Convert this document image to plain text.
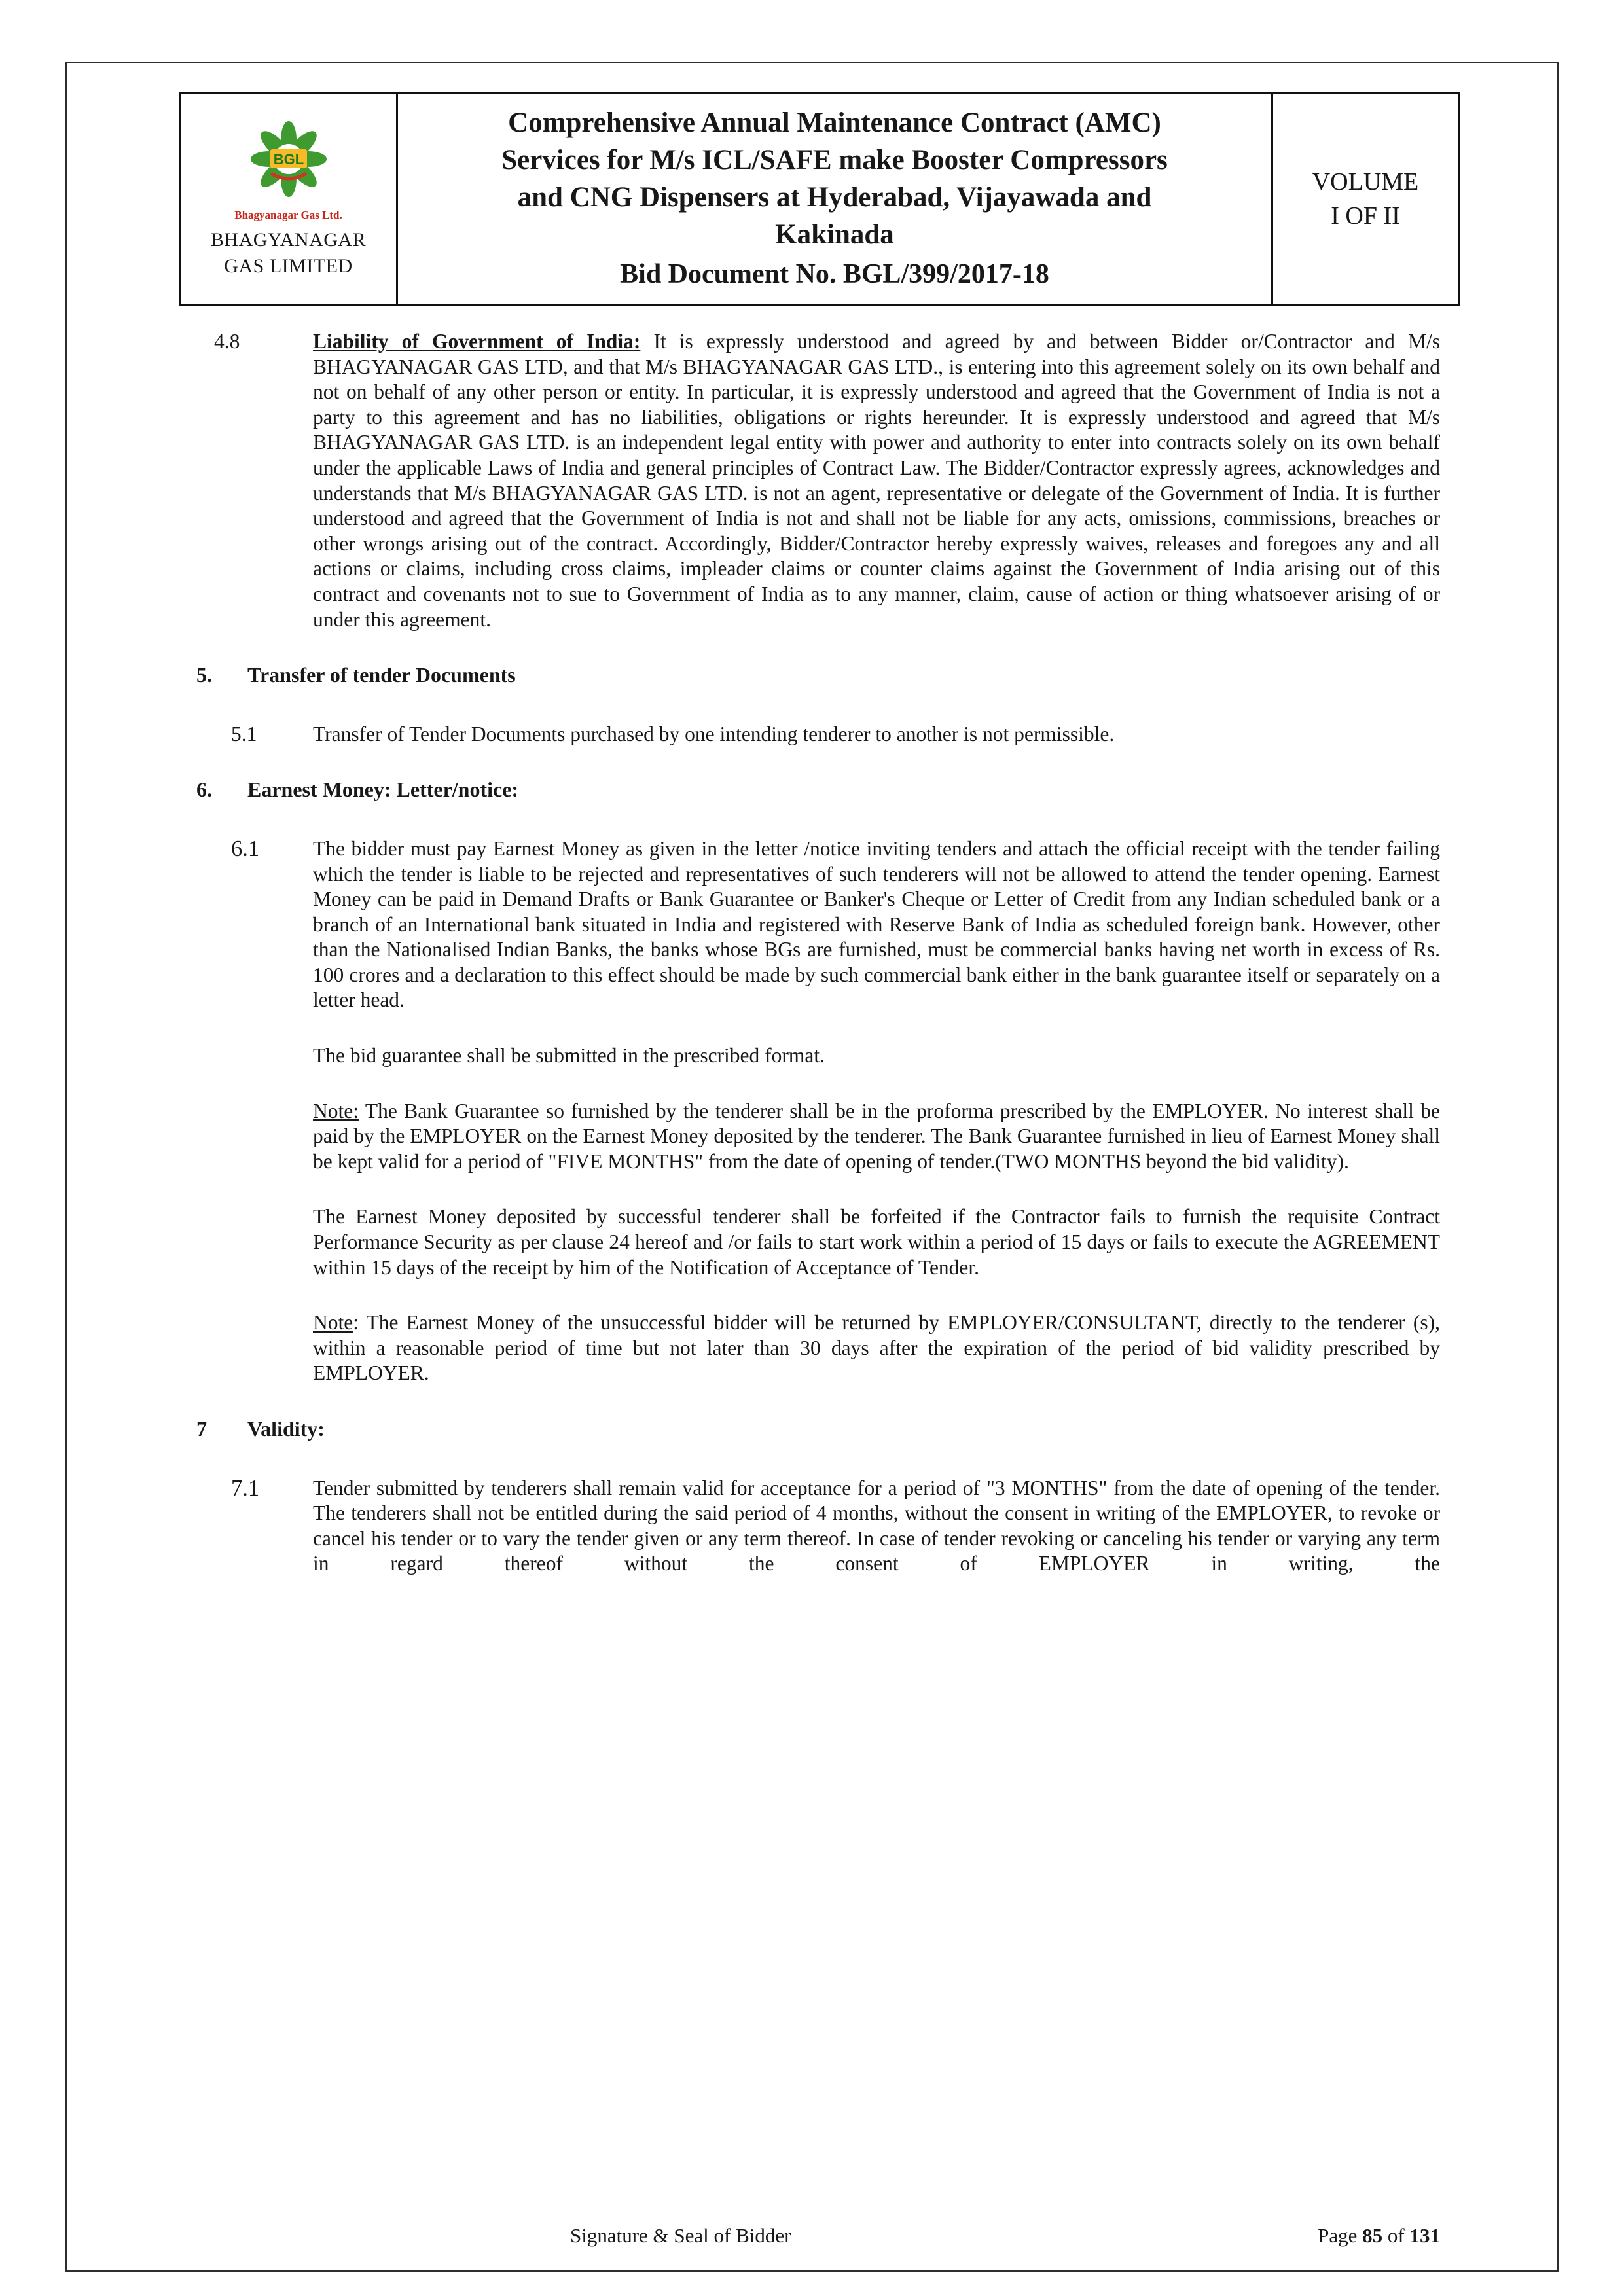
BGL
Bhagyanagar Gas Ltd.
BHAGYANAGAR
GAS LIMITED
Comprehensive Annual Maintenance Contract (AMC)
Services for M/s ICL/SAFE make Booster Compressors
and CNG Dispensers at Hyderabad, Vijayawada and
Kakinada
Bid Document No. BGL/399/2017-18
VOLUME
I OF II
4.8	Liability of Government of India: It is expressly understood and agreed by and between Bidder or/Contractor and M/s BHAGYANAGAR GAS LTD, and that M/s BHAGYANAGAR GAS LTD., is entering into this agreement solely on its own behalf and not on behalf of any other person or entity. In particular, it is expressly understood and agreed that the Government of India is not a party to this agreement and has no liabilities, obligations or rights hereunder. It is expressly understood and agreed that M/s BHAGYANAGAR GAS LTD. is an independent legal entity with power and authority to enter into contracts solely on its own behalf under the applicable Laws of India and general principles of Contract Law. The Bidder/Contractor expressly agrees, acknowledges and understands that M/s BHAGYANAGAR GAS LTD. is not an agent, representative or delegate of the Government of India. It is further understood and agreed that the Government of India is not and shall not be liable for any acts, omissions, commissions, breaches or other wrongs arising out of the contract. Accordingly, Bidder/Contractor hereby expressly waives, releases and foregoes any and all actions or claims, including cross claims, impleader claims or counter claims against the Government of India arising out of this contract and covenants not to sue to Government of India as to any manner, claim, cause of action or thing whatsoever arising of or under this agreement.

5.	Transfer of tender Documents
5.1	Transfer of Tender Documents purchased by one intending tenderer to another is not permissible.

6.	Earnest Money: Letter/notice:
6.1	The bidder must pay Earnest Money as given in the letter /notice inviting tenders and attach the official receipt with the tender failing which the tender is liable to be rejected and representatives of such tenderers will not be allowed to attend the tender opening. Earnest Money can be paid in Demand Drafts or Bank Guarantee or Banker's Cheque or Letter of Credit from any Indian scheduled bank or a branch of an International bank situated in India and registered with Reserve Bank of India as scheduled foreign bank. However, other than the Nationalised Indian Banks, the banks whose BGs are furnished, must be commercial banks having net worth in excess of Rs. 100 crores and a declaration to this effect should be made by such commercial bank either in the bank guarantee itself or separately on a letter head.

The bid guarantee shall be submitted in the prescribed format.

Note: The Bank Guarantee so furnished by the tenderer shall be in the proforma prescribed by the EMPLOYER. No interest shall be paid by the EMPLOYER on the Earnest Money deposited by the tenderer. The Bank Guarantee furnished in lieu of Earnest Money shall be kept valid for a period of "FIVE MONTHS" from the date of opening of tender.(TWO MONTHS beyond the bid validity).

The Earnest Money deposited by successful tenderer shall be forfeited if the Contractor fails to furnish the requisite Contract Performance Security as per clause 24 hereof and /or fails to start work within a period of 15 days or fails to execute the AGREEMENT within 15 days of the receipt by him of the Notification of Acceptance of Tender.

Note: The Earnest Money of the unsuccessful bidder will be returned by EMPLOYER/CONSULTANT, directly to the tenderer (s), within a reasonable period of time but not later than 30 days after the expiration of the period of bid validity prescribed by EMPLOYER.

7	Validity:
7.1	Tender submitted by tenderers shall remain valid for acceptance for a period of "3 MONTHS" from the date of opening of the tender. The tenderers shall not be entitled during the said period of 4 months, without the consent in writing of the EMPLOYER, to revoke or cancel his tender or to vary the tender given or any term thereof. In case of tender revoking or canceling his tender or varying any term in regard thereof without the consent of EMPLOYER in writing, the

Signature & Seal of Bidder	Page 85 of 131
